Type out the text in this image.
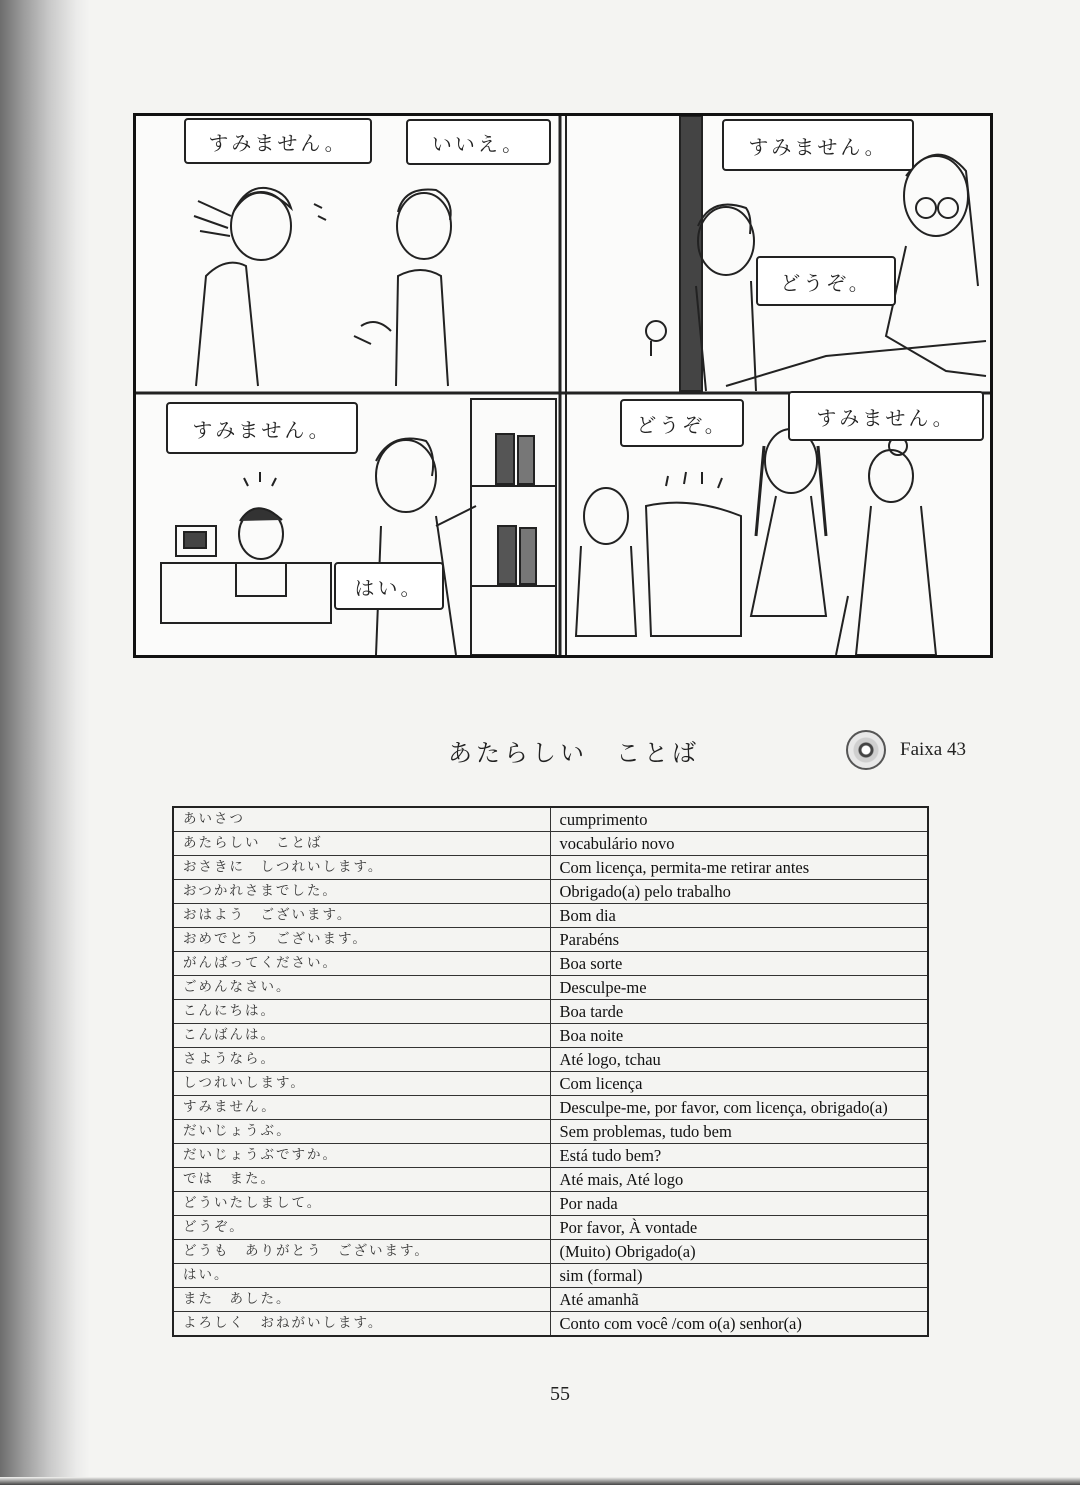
すみません。	いいえ。	すみません。
どうぞ。
すみません。
はい。
どうぞ。	すみません。
あたらしい　ことば	Faixa 43
あいさつ	cumprimento
あたらしい　ことば	vocabulário novo
おさきに　しつれいします。	Com licença, permita-me retirar antes
おつかれさまでした。	Obrigado(a) pelo trabalho
おはよう　ございます。	Bom dia
おめでとう　ございます。	Parabéns
がんばってください。	Boa sorte
ごめんなさい。	Desculpe-me
こんにちは。	Boa tarde
こんばんは。	Boa noite
さようなら。	Até logo, tchau
しつれいします。	Com licença
すみません。	Desculpe-me, por favor, com licença, obrigado(a)
だいじょうぶ。	Sem problemas, tudo bem
だいじょうぶですか。	Está tudo bem?
では　また。	Até mais, Até logo
どういたしまして。	Por nada
どうぞ。	Por favor, À vontade
どうも　ありがとう　ございます。	(Muito) Obrigado(a)
はい。	sim (formal)
また　あした。	Até amanhã
よろしく　おねがいします。	Conto com você /com o(a) senhor(a)
55
